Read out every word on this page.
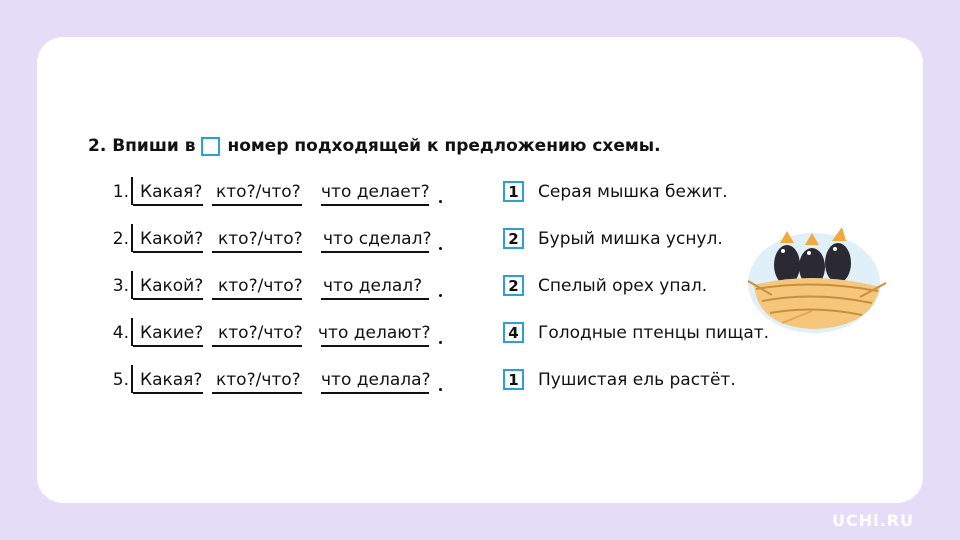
2. Впиши в номер подходящей к предложению схемы.
1. Какая? кто?/что? что делает?	1	Серая мышка бежит.
2. Какой? кто?/что? что сделал?	2	Бурый мишка уснул.
3. Какой? кто?/что? что делал?	2	Спелый орех упал.
4. Какие? кто?/что? что делают?	4	Голодные птенцы пищат.
5. Какая? кто?/что? что делала?	1	Пушистая ель растёт.
UCHi.RU
